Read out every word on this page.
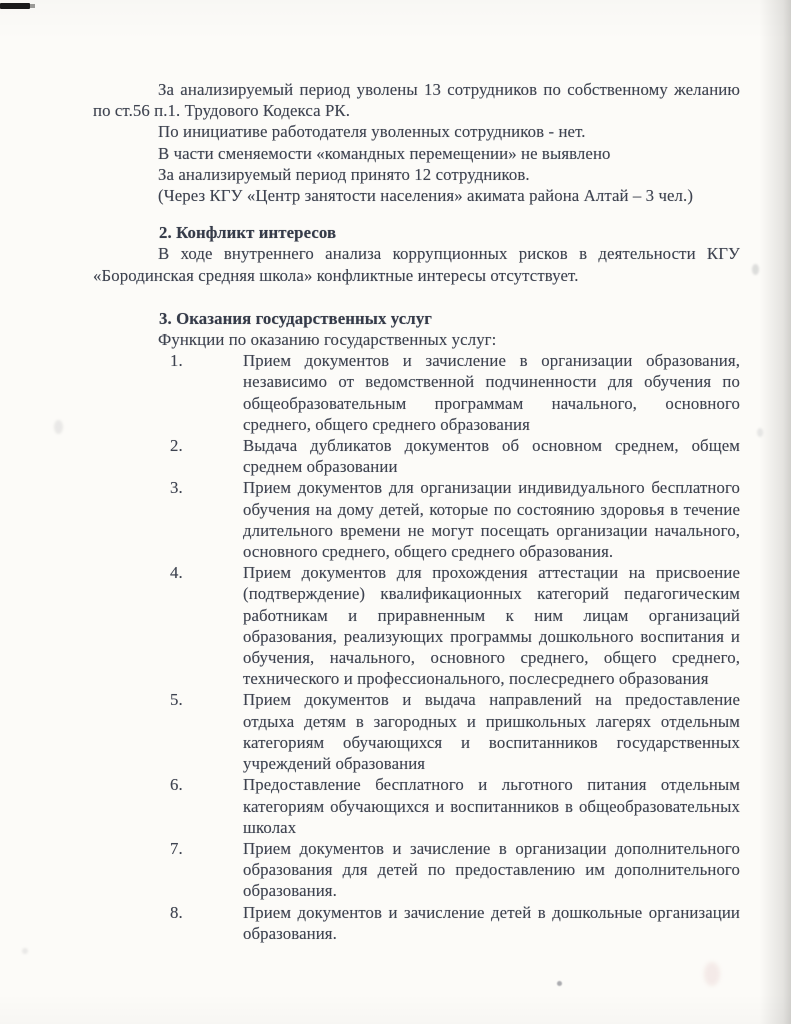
За анализируемый период уволены 13 сотрудников по собственному желанию по ст.56 п.1. Трудового Кодекса РК.

По инициативе работодателя уволенных сотрудников - нет.

В части сменяемости «командных перемещении» не выявлено

За анализируемый период принято 12 сотрудников.

(Через КГУ «Центр занятости населения» акимата района Алтай – 3 чел.)

2. Конфликт интересов

В ходе внутреннего анализа коррупционных рисков в деятельности КГУ «Бородинская средняя школа» конфликтные интересы отсутствует.

3. Оказания государственных услуг

Функции по оказанию государственных услуг:

1.	Прием документов и зачисление в организации образования, независимо от ведомственной подчиненности для обучения по общеобразовательным программам начального, основного среднего, общего среднего образования
2.	Выдача дубликатов документов об основном среднем, общем среднем образовании
3.	Прием документов для организации индивидуального бесплатного обучения на дому детей, которые по состоянию здоровья в течение длительного времени не могут посещать организации начального, основного среднего, общего среднего образования.
4.	Прием документов для прохождения аттестации на присвоение (подтверждение) квалификационных категорий педагогическим работникам и приравненным к ним лицам организаций образования, реализующих программы дошкольного воспитания и обучения, начального, основного среднего, общего среднего, технического и профессионального, послесреднего образования
5.	Прием документов и выдача направлений на предоставление отдыха детям в загородных и пришкольных лагерях отдельным категориям обучающихся и воспитанников государственных учреждений образования
6.	Предоставление бесплатного и льготного питания отдельным категориям обучающихся и воспитанников в общеобразовательных школах
7.	Прием документов и зачисление в организации дополнительного образования для детей по предоставлению им дополнительного образования.
8.	Прием документов и зачисление детей в дошкольные организации образования.
